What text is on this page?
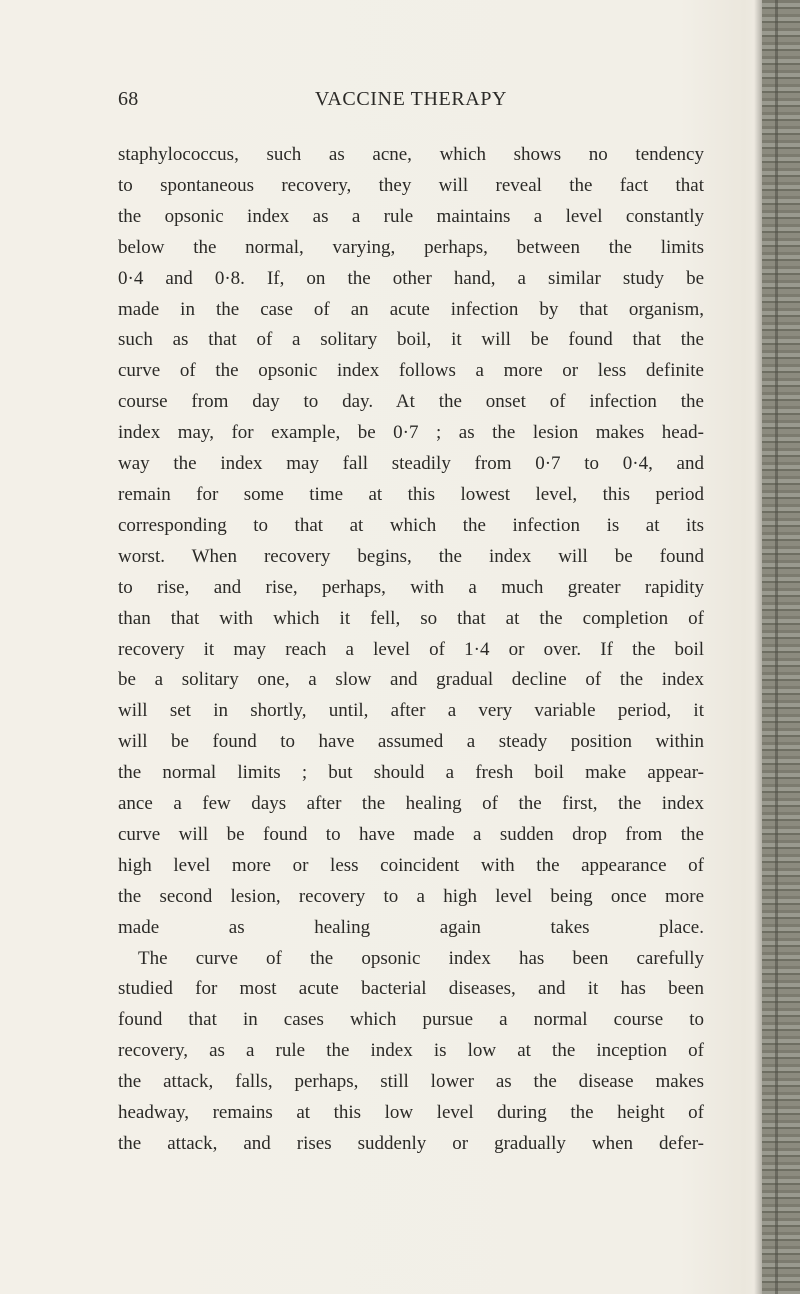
68	VACCINE THERAPY

staphylococcus, such as acne, which shows no tendency

to spontaneous recovery, they will reveal the fact that

the opsonic index as a rule maintains a level constantly

below the normal, varying, perhaps, between the limits

0·4 and 0·8. If, on the other hand, a similar study be

made in the case of an acute infection by that organism,

such as that of a solitary boil, it will be found that the

curve of the opsonic index follows a more or less definite

course from day to day. At the onset of infection the

index may, for example, be 0·7 ; as the lesion makes head-

way the index may fall steadily from 0·7 to 0·4, and

remain for some time at this lowest level, this period

corresponding to that at which the infection is at its

worst. When recovery begins, the index will be found

to rise, and rise, perhaps, with a much greater rapidity

than that with which it fell, so that at the completion of

recovery it may reach a level of 1·4 or over. If the boil

be a solitary one, a slow and gradual decline of the index

will set in shortly, until, after a very variable period, it

will be found to have assumed a steady position within

the normal limits ; but should a fresh boil make appear-

ance a few days after the healing of the first, the index

curve will be found to have made a sudden drop from the

high level more or less coincident with the appearance of

the second lesion, recovery to a high level being once more

made as healing again takes place.

The curve of the opsonic index has been carefully

studied for most acute bacterial diseases, and it has been

found that in cases which pursue a normal course to

recovery, as a rule the index is low at the inception of

the attack, falls, perhaps, still lower as the disease makes

headway, remains at this low level during the height of

the attack, and rises suddenly or gradually when defer-
